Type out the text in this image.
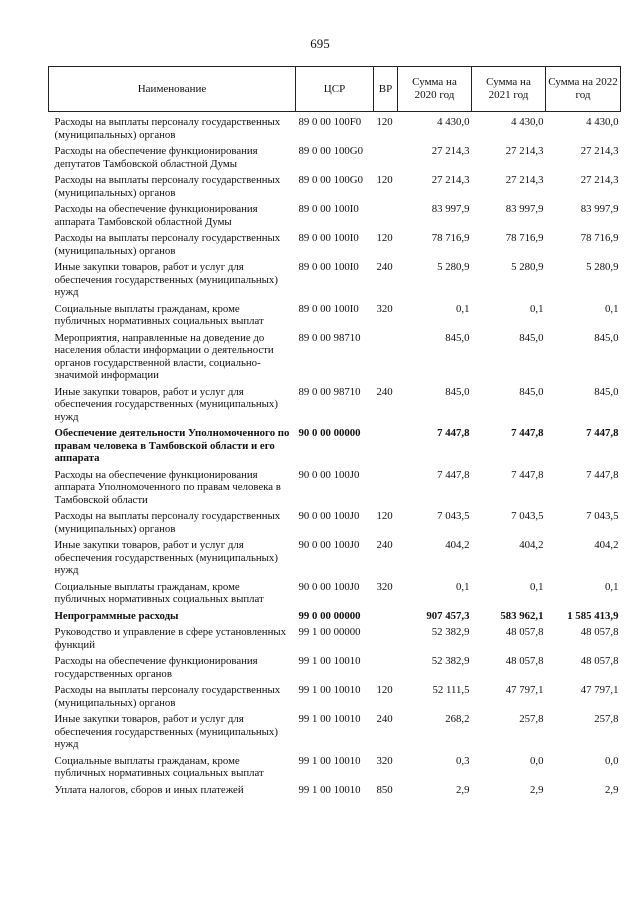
695
Наименование	ЦСР	ВР	Сумма на 2020 год	Сумма на 2021 год	Сумма на 2022 год
Расходы на выплаты персоналу государственных (муниципальных) органов	89 0 00 100F0	120	4 430,0	4 430,0	4 430,0
Расходы на обеспечение функционирования депутатов Тамбовской областной Думы	89 0 00 100G0		27 214,3	27 214,3	27 214,3
Расходы на выплаты персоналу государственных (муниципальных) органов	89 0 00 100G0	120	27 214,3	27 214,3	27 214,3
Расходы на обеспечение функционирования аппарата Тамбовской областной Думы	89 0 00 100I0		83 997,9	83 997,9	83 997,9
Расходы на выплаты персоналу государственных (муниципальных) органов	89 0 00 100I0	120	78 716,9	78 716,9	78 716,9
Иные закупки товаров, работ и услуг для обеспечения государственных (муниципальных) нужд	89 0 00 100I0	240	5 280,9	5 280,9	5 280,9
Социальные выплаты гражданам, кроме публичных нормативных социальных выплат	89 0 00 100I0	320	0,1	0,1	0,1
Мероприятия, направленные на доведение до населения области информации о деятельности органов государственной власти, социально-значимой информации	89 0 00 98710		845,0	845,0	845,0
Иные закупки товаров, работ и услуг для обеспечения государственных (муниципальных) нужд	89 0 00 98710	240	845,0	845,0	845,0
Обеспечение деятельности Уполномоченного по правам человека в Тамбовской области и его аппарата	90 0 00 00000		7 447,8	7 447,8	7 447,8
Расходы на обеспечение функционирования аппарата Уполномоченного по правам человека в Тамбовской области	90 0 00 100J0		7 447,8	7 447,8	7 447,8
Расходы на выплаты персоналу государственных (муниципальных) органов	90 0 00 100J0	120	7 043,5	7 043,5	7 043,5
Иные закупки товаров, работ и услуг для обеспечения государственных (муниципальных) нужд	90 0 00 100J0	240	404,2	404,2	404,2
Социальные выплаты гражданам, кроме публичных нормативных социальных выплат	90 0 00 100J0	320	0,1	0,1	0,1
Непрограммные расходы	99 0 00 00000		907 457,3	583 962,1	1 585 413,9
Руководство и управление в сфере установленных функций	99 1 00 00000		52 382,9	48 057,8	48 057,8
Расходы на обеспечение функционирования государственных органов	99 1 00 10010		52 382,9	48 057,8	48 057,8
Расходы на выплаты персоналу государственных (муниципальных) органов	99 1 00 10010	120	52 111,5	47 797,1	47 797,1
Иные закупки товаров, работ и услуг для обеспечения государственных (муниципальных) нужд	99 1 00 10010	240	268,2	257,8	257,8
Социальные выплаты гражданам, кроме публичных нормативных социальных выплат	99 1 00 10010	320	0,3	0,0	0,0
Уплата налогов, сборов и иных платежей	99 1 00 10010	850	2,9	2,9	2,9
